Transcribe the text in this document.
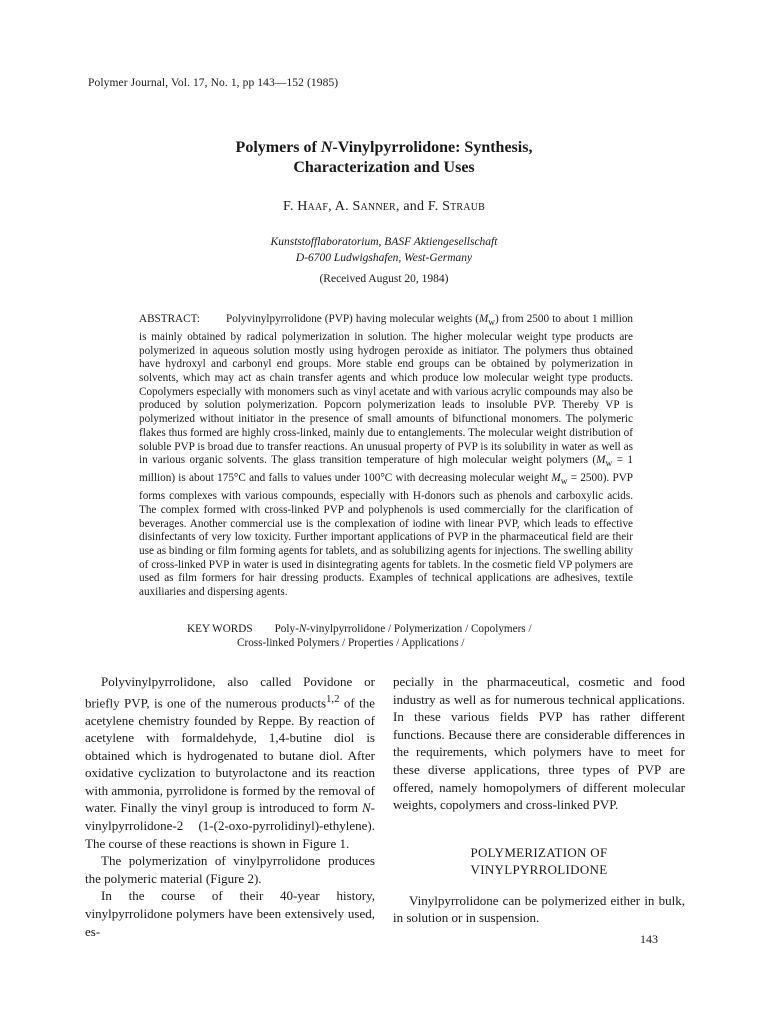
Polymer Journal, Vol. 17, No. 1, pp 143—152 (1985)
Polymers of N-Vinylpyrrolidone: Synthesis,
Characterization and Uses
F. Haaf, A. Sanner, and F. Straub
Kunststofflaboratorium, BASF Aktiengesellschaft
D-6700 Ludwigshafen, West-Germany
(Received August 20, 1984)
ABSTRACT: Polyvinylpyrrolidone (PVP) having molecular weights $(M_w)$ from 2500 to about 1 million is mainly obtained by radical polymerization in solution. The higher molecular weight type products are polymerized in aqueous solution mostly using hydrogen peroxide as initiator. The polymers thus obtained have hydroxyl and carbonyl end groups. More stable end groups can be obtained by polymerization in solvents, which may act as chain transfer agents and which produce low molecular weight type products. Copolymers especially with monomers such as vinyl acetate and with various acrylic compounds may also be produced by solution polymerization. Popcorn polymerization leads to insoluble PVP. Thereby VP is polymerized without initiator in the presence of small amounts of bifunctional monomers. The polymeric flakes thus formed are highly cross-linked, mainly due to entanglements. The molecular weight distribution of soluble PVP is broad due to transfer reactions. An unusual property of PVP is its solubility in water as well as in various organic solvents. The glass transition temperature of high molecular weight polymers ($M_w = 1$ million) is about 175°C and falls to values under 100°C with decreasing molecular weight $M_w = 2500$). PVP forms complexes with various compounds, especially with H-donors such as phenols and carboxylic acids. The complex formed with cross-linked PVP and polyphenols is used commercially for the clarification of beverages. Another commercial use is the complexation of iodine with linear PVP, which leads to effective disinfectants of very low toxicity. Further important applications of PVP in the pharmaceutical field are their use as binding or film forming agents for tablets, and as solubilizing agents for injections. The swelling ability of cross-linked PVP in water is used in disintegrating agents for tablets. In the cosmetic field VP polymers are used as film formers for hair dressing products. Examples of technical applications are adhesives, textile auxiliaries and dispersing agents.
KEY WORDS Poly-N-vinylpyrrolidone / Polymerization / Copolymers /
Cross-linked Polymers / Properties / Applications /

Polyvinylpyrrolidone, also called Povidone or briefly PVP, is one of the numerous products$^{1,2}$ of the acetylene chemistry founded by Reppe. By reaction of acetylene with formaldehyde, 1,4-butine diol is obtained which is hydrogenated to butane diol. After oxidative cyclization to butyrolactone and its reaction with ammonia, pyrrolidone is formed by the removal of water. Finally the vinyl group is introduced to form N-vinylpyrrolidone-2 (1-(2-oxo-pyrrolidinyl)-ethylene). The course of these reactions is shown in Figure 1.

The polymerization of vinylpyrrolidone produces the polymeric material (Figure 2).

In the course of their 40-year history, vinylpyrrolidone polymers have been extensively used, es-

pecially in the pharmaceutical, cosmetic and food industry as well as for numerous technical applications. In these various fields PVP has rather different functions. Because there are considerable differences in the requirements, which polymers have to meet for these diverse applications, three types of PVP are offered, namely homopolymers of different molecular weights, copolymers and cross-linked PVP.

POLYMERIZATION OF
VINYLPYRROLIDONE

Vinylpyrrolidone can be polymerized either in bulk, in solution or in suspension.

143
